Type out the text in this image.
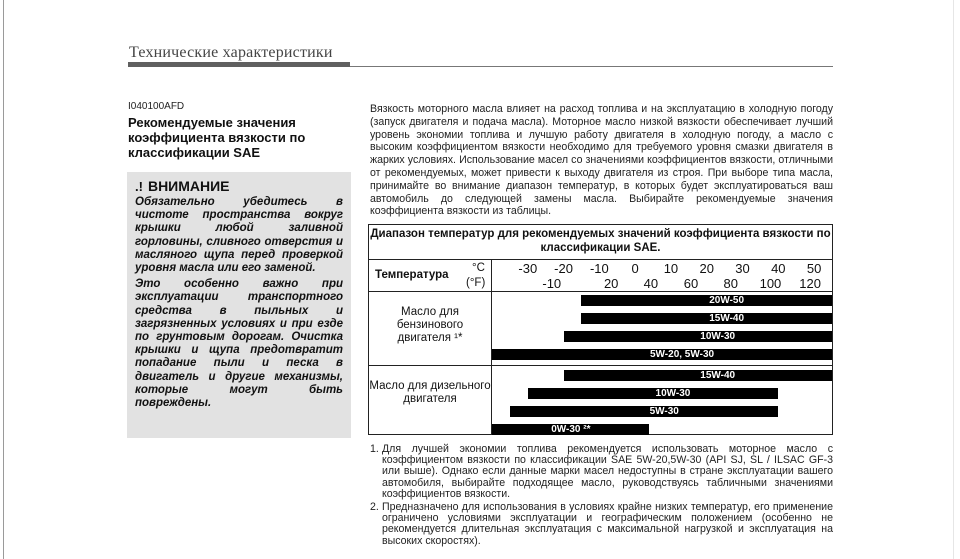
Технические характеристики
I040100AFD
Рекомендуемые значения коэффициента вязкости по классификации SAE
.! ВНИМАНИЕ

Обязательно убедитесь в чистоте пространства вокруг крышки любой заливной горловины, сливного отверстия и масляного щупа перед проверкой уровня масла или его заменой.

Это особенно важно при эксплуатации транспортного средства в пыльных и загрязненных условиях и при езде по грунтовым дорогам. Очистка крышки и щупа предотвратит попадание пыли и песка в двигатель и другие механизмы, которые могут быть повреждены.

Вязкость моторного масла влияет на расход топлива и на эксплуатацию в холодную погоду (запуск двигателя и подача масла). Моторное масло низкой вязкости обеспечивает лучший уровень экономии топлива и лучшую работу двигателя в холодную погоду, а масло с высоким коэффициентом вязкости необходимо для требуемого уровня смазки двигателя в жарких условиях. Использование масел со значениями коэффициентов вязкости, отличными от рекомендуемых, может привести к выходу двигателя из строя. При выборе типа масла, принимайте во внимание диапазон температур, в которых будет эксплуатироваться ваш автомобиль до следующей замены масла. Выбирайте рекомендуемые значения коэффициента вязкости из таблицы.
Диапазон температур для рекомендуемых значений коэффициента вязкости по классификации SAE.
Температура
°C
(°F)
Масло для бензинового двигателя ¹*
Масло для дизельного двигателя
-30 -20 -10 0 10 20 30 40 50
-10	20 40 60 80 100 120
20W-50
15W-40
10W-30
5W-20, 5W-30
15W-40
10W-30
5W-30
0W-30 ²*
1. Для лучшей экономии топлива рекомендуется использовать моторное масло с коэффициентом вязкости по классификации SAE 5W-20,5W-30 (API SJ, SL / ILSAC GF-3 или выше). Однако если данные марки масел недоступны в стране эксплуатации вашего автомобиля, выбирайте подходящее масло, руководствуясь табличными значениями коэффициентов вязкости.
2. Предназначено для использования в условиях крайне низких температур, его применение ограничено условиями эксплуатации и географическим положением (особенно не рекомендуется длительная эксплуатация с максимальной нагрузкой и эксплуатация на высоких скоростях).
